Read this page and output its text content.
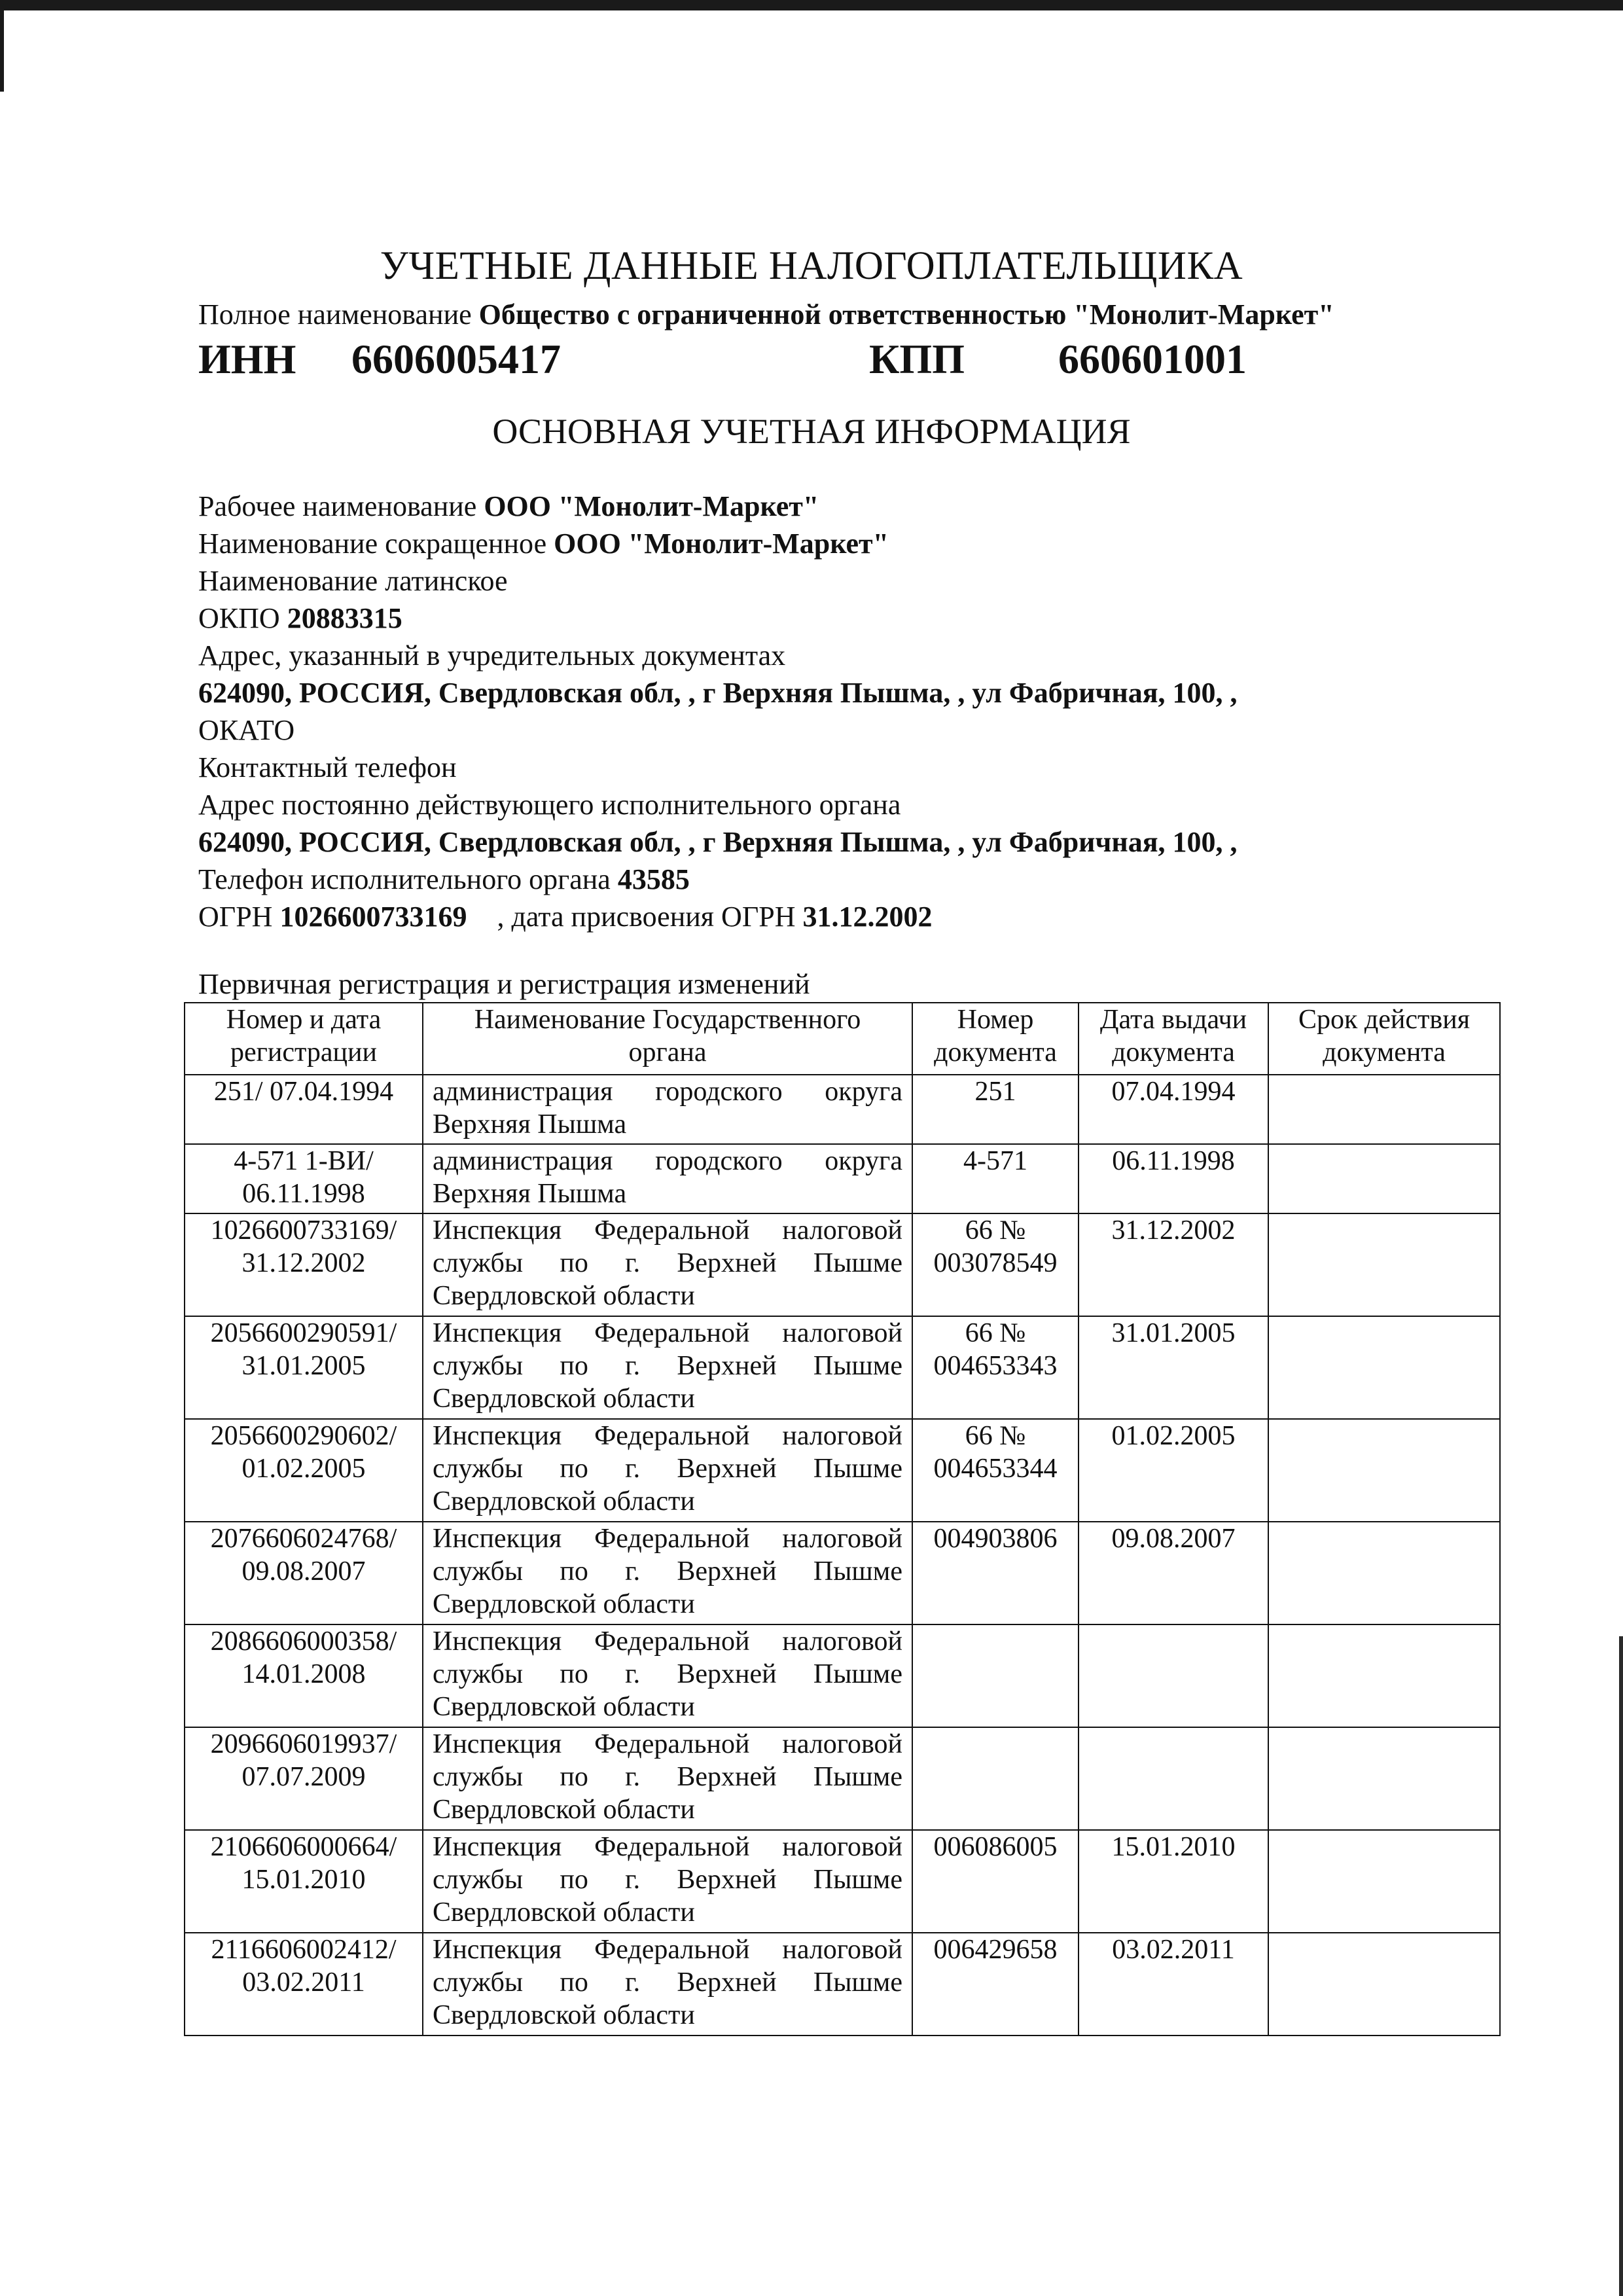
УЧЕТНЫЕ ДАННЫЕ НАЛОГОПЛАТЕЛЬЩИКА
Полное наименование Общество с ограниченной ответственностью "Монолит-Маркет"
ИНН 6606005417	КПП 660601001
ОСНОВНАЯ УЧЕТНАЯ ИНФОРМАЦИЯ
Рабочее наименование ООО "Монолит-Маркет"
Наименование сокращенное ООО "Монолит-Маркет"
Наименование латинское
ОКПО 20883315
Адрес, указанный в учредительных документах
624090, РОССИЯ, Свердловская обл, , г Верхняя Пышма, , ул Фабричная, 100, ,
ОКАТО
Контактный телефон
Адрес постоянно действующего исполнительного органа
624090, РОССИЯ, Свердловская обл, , г Верхняя Пышма, , ул Фабричная, 100, ,
Телефон исполнительного органа 43585
ОГРН 1026600733169 , дата присвоения ОГРН 31.12.2002
Первичная регистрация и регистрация изменений
Номер и дата регистрации	Наименование Государственного органа	Номер документа	Дата выдачи документа	Срок действия документа
251/ 07.04.1994	администрация городского округа Верхняя Пышма	251	07.04.1994	
4-571 1-ВИ/ 06.11.1998	администрация городского округа Верхняя Пышма	4-571	06.11.1998	
1026600733169/ 31.12.2002	Инспекция Федеральной налоговой службы по г. Верхней Пышме Свердловской области	66 № 003078549	31.12.2002	
2056600290591/ 31.01.2005	Инспекция Федеральной налоговой службы по г. Верхней Пышме Свердловской области	66 № 004653343	31.01.2005	
2056600290602/ 01.02.2005	Инспекция Федеральной налоговой службы по г. Верхней Пышме Свердловской области	66 № 004653344	01.02.2005	
2076606024768/ 09.08.2007	Инспекция Федеральной налоговой службы по г. Верхней Пышме Свердловской области	004903806	09.08.2007	
2086606000358/ 14.01.2008	Инспекция Федеральной налоговой службы по г. Верхней Пышме Свердловской области			
2096606019937/ 07.07.2009	Инспекция Федеральной налоговой службы по г. Верхней Пышме Свердловской области			
2106606000664/ 15.01.2010	Инспекция Федеральной налоговой службы по г. Верхней Пышме Свердловской области	006086005	15.01.2010	
2116606002412/ 03.02.2011	Инспекция Федеральной налоговой службы по г. Верхней Пышме Свердловской области	006429658	03.02.2011	
